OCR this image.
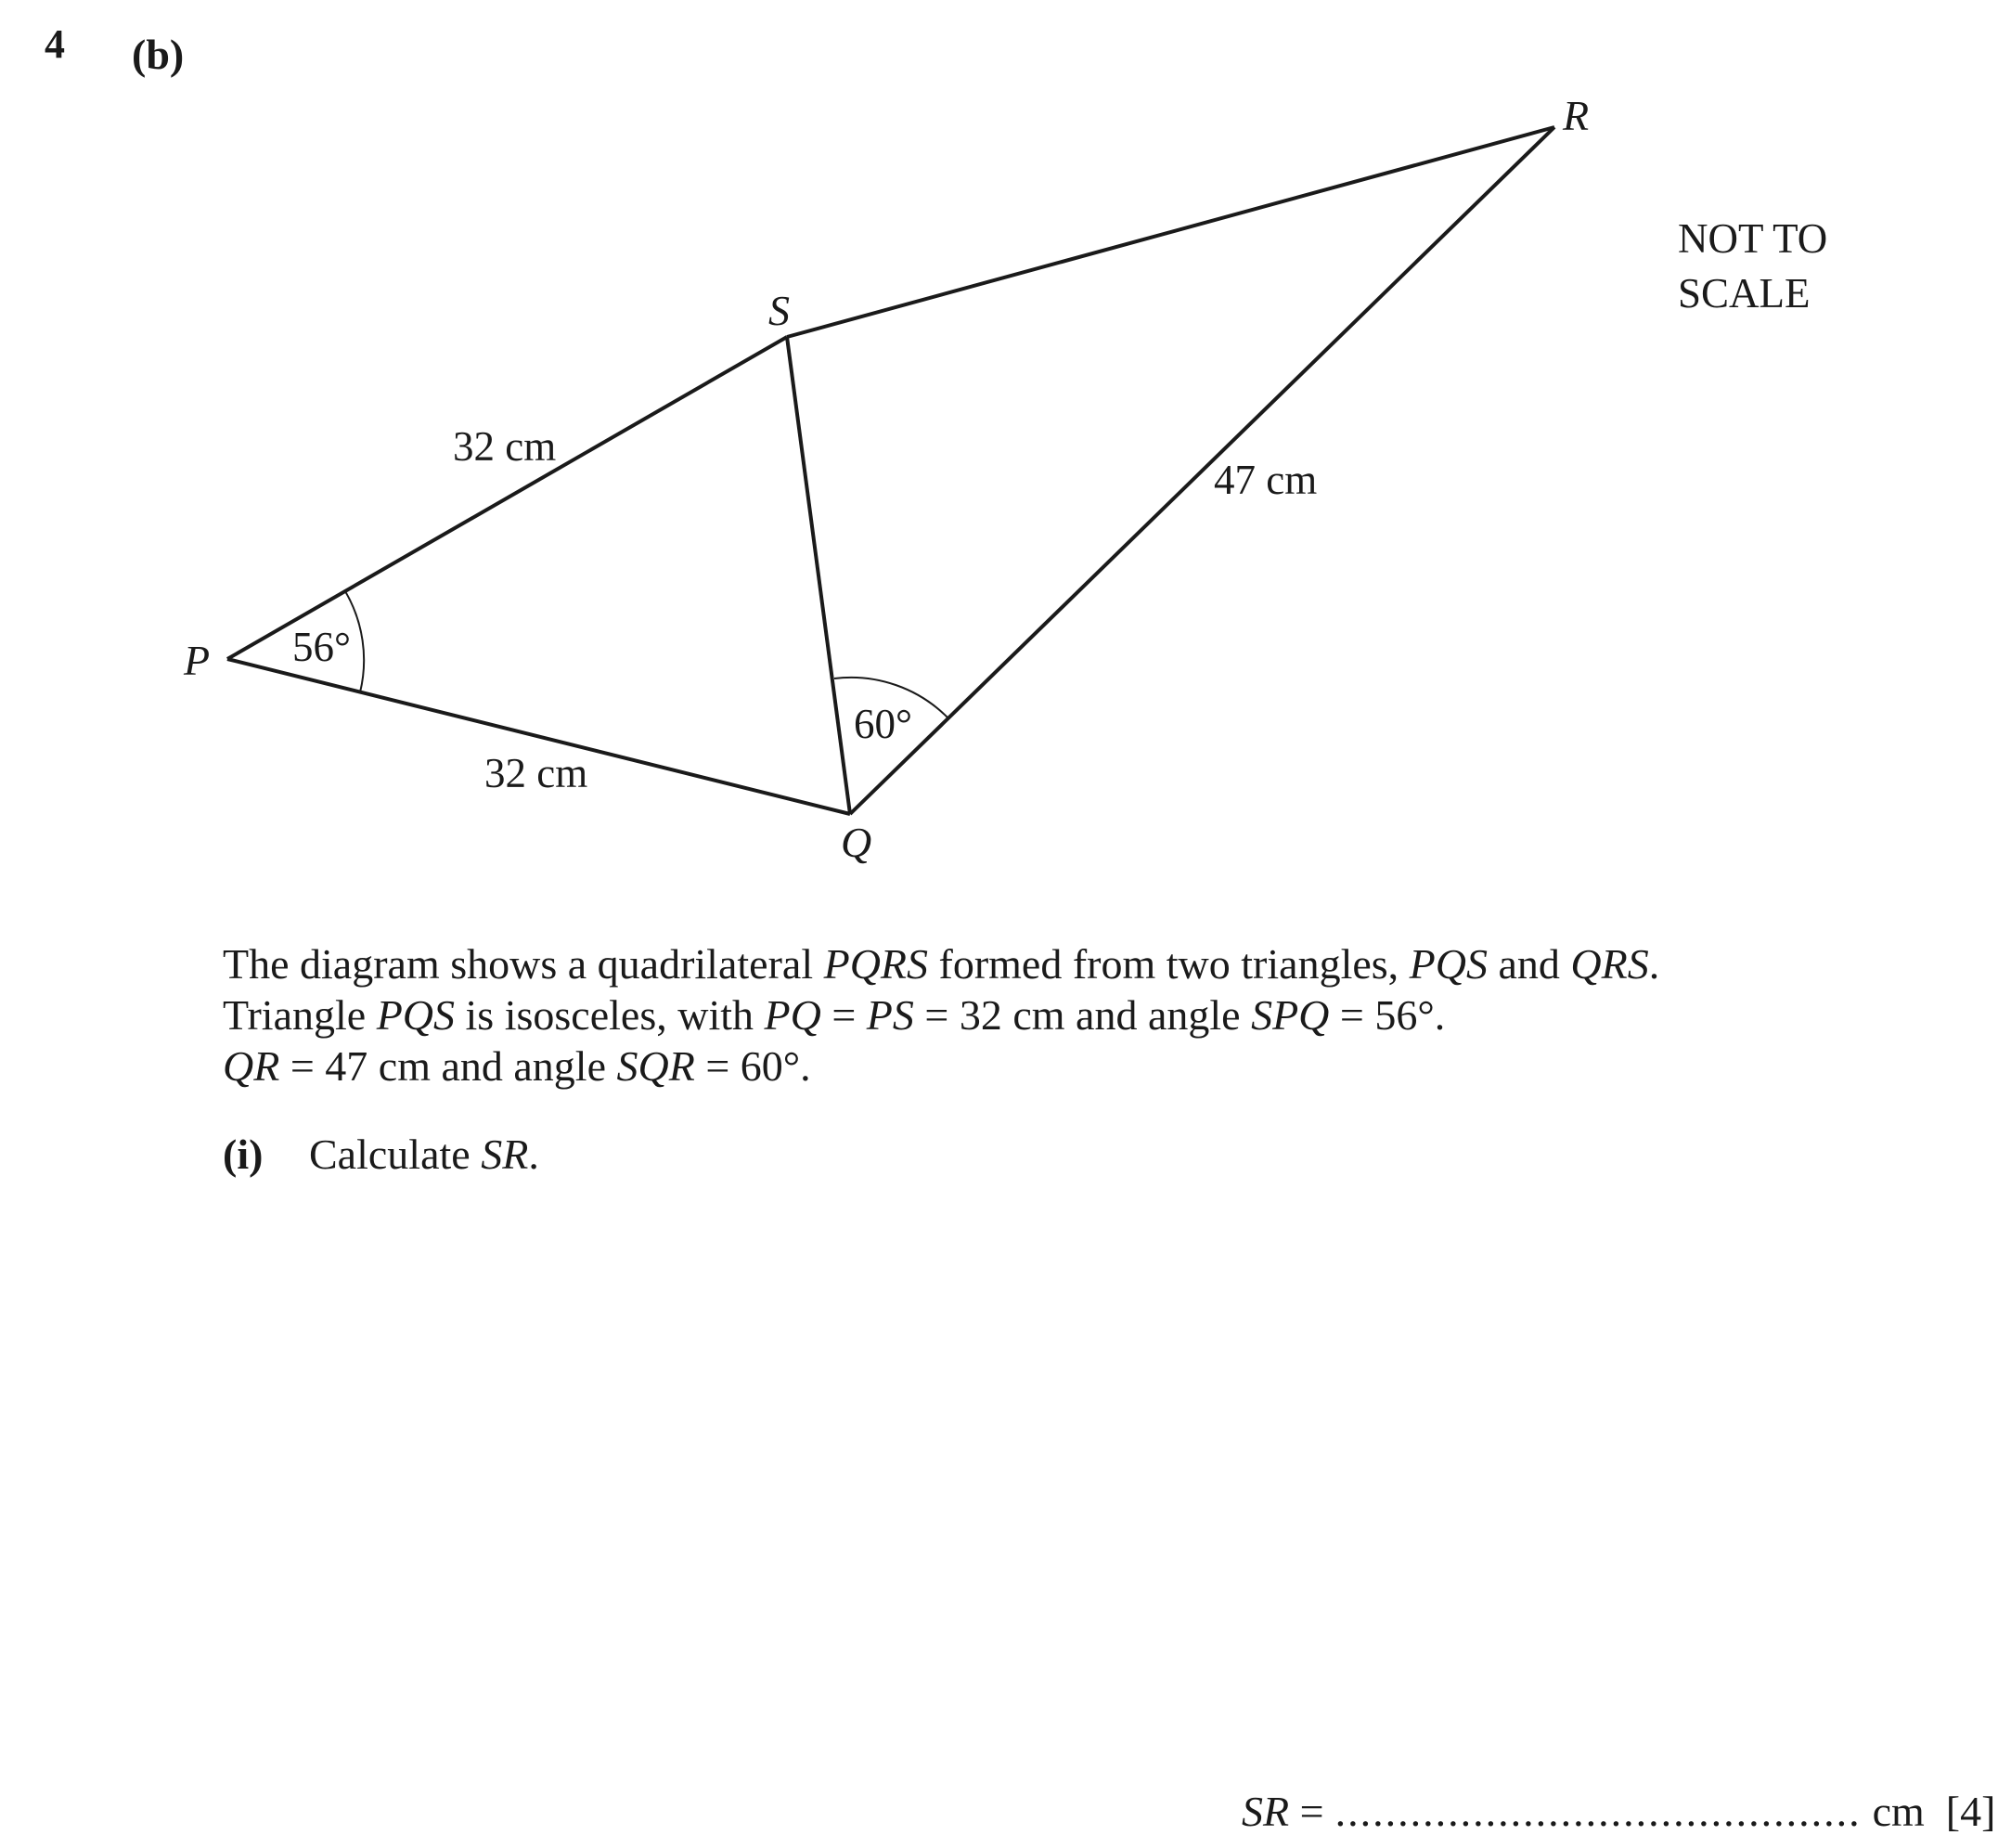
4 (b)
P
S
R
Q
32 cm
32 cm
47 cm
56°
60°
NOT TO
SCALE
The diagram shows a quadrilateral PQRS formed from two triangles, PQS and QRS.
Triangle PQS is isosceles, with PQ = PS = 32 cm and angle SPQ = 56°.
QR = 47 cm and angle SQR = 60°.
(i) Calculate SR.
SR = .......................................... cm [4]
